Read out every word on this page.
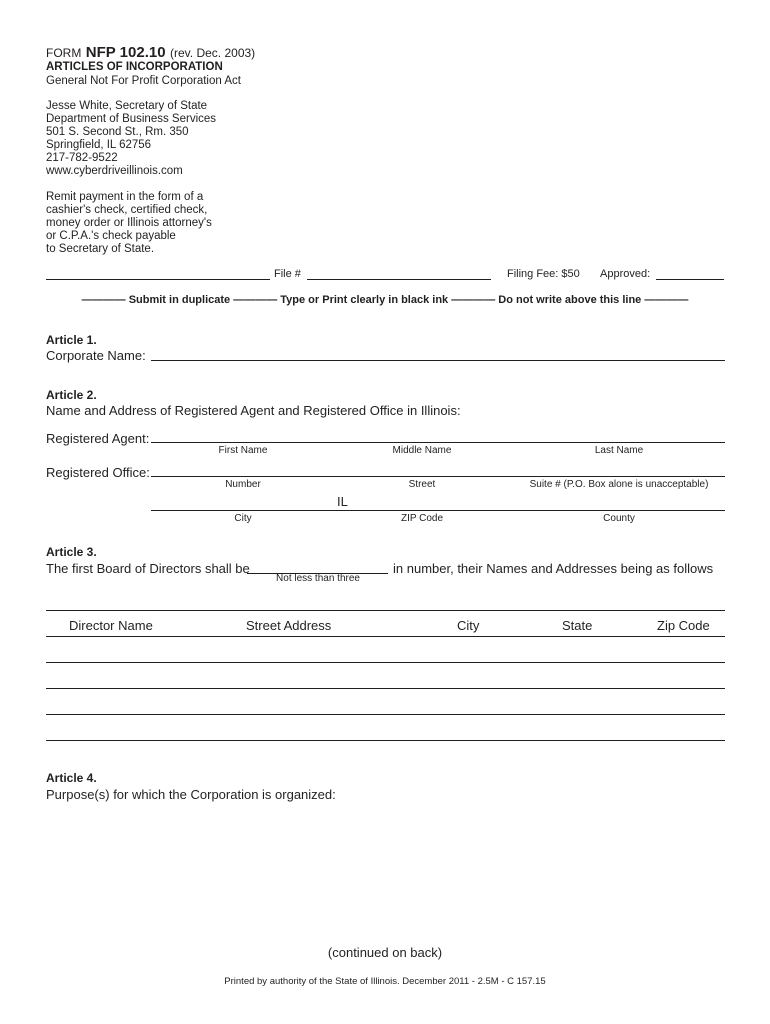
FORM NFP 102.10 (rev. Dec. 2003)
ARTICLES OF INCORPORATION
General Not For Profit Corporation Act
Jesse White, Secretary of State
Department of Business Services
501 S. Second St., Rm. 350
Springfield, IL 62756
217-782-9522
www.cyberdriveillinois.com
Remit payment in the form of a
cashier's check, certified check,
money order or Illinois attorney's
or C.P.A.'s check payable
to Secretary of State.
File #	Filing Fee: $50 Approved:
———— Submit in duplicate ———— Type or Print clearly in black ink ———— Do not write above this line ————
Article 1.
Corporate Name:
Article 2.
Name and Address of Registered Agent and Registered Office in Illinois:
Registered Agent:
First Name	Middle Name	Last Name
Registered Office:
Number	Street	Suite # (P.O. Box alone is unacceptable)
IL
City	ZIP Code	County
Article 3.
The first Board of Directors shall be
Not less than three
in number, their Names and Addresses being as follows
Director Name	Street Address	City	State	Zip Code
Article 4.
Purpose(s) for which the Corporation is organized:
(continued on back)
Printed by authority of the State of Illinois. December 2011 - 2.5M - C 157.15
